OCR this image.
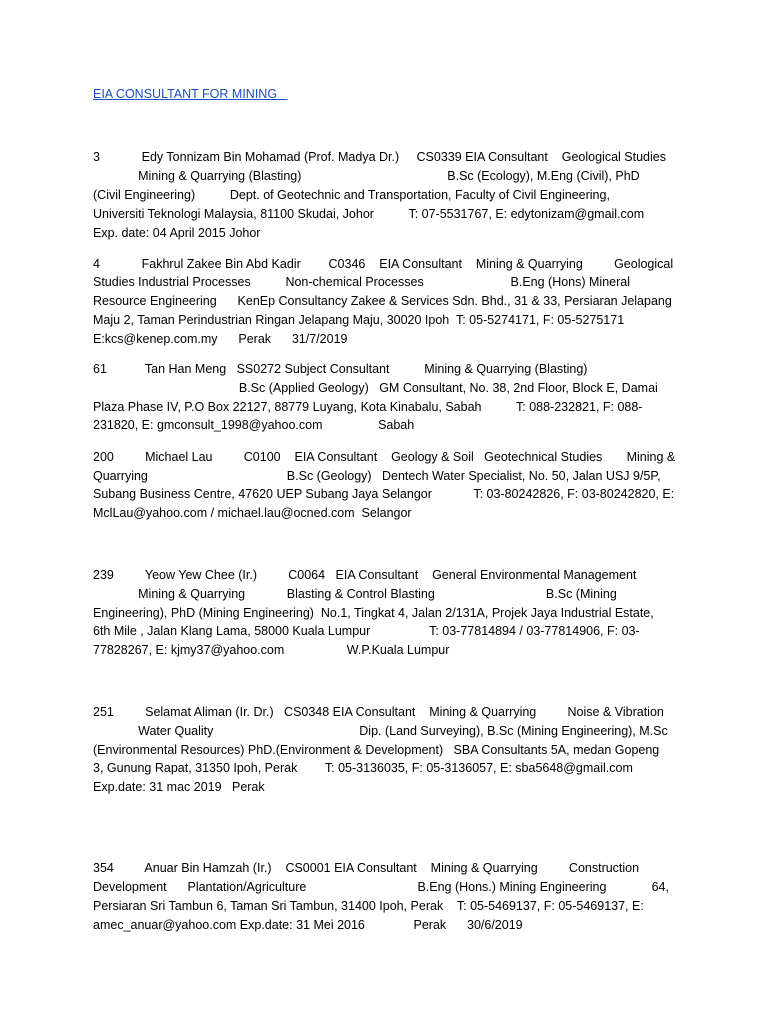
EIA CONSULTANT FOR MINING
3            Edy Tonnizam Bin Mohamad (Prof. Madya Dr.)     CS0339 EIA Consultant    Geological Studies
Mining & Quarrying (Blasting)                                          B.Sc (Ecology), M.Eng (Civil), PhD
(Civil Engineering)          Dept. of Geotechnic and Transportation, Faculty of Civil Engineering,
Universiti Teknologi Malaysia, 81100 Skudai, Johor          T: 07-5531767, E: edytonizam@gmail.com
Exp. date: 04 April 2015 Johor
4            Fakhrul Zakee Bin Abd Kadir        C0346    EIA Consultant    Mining & Quarrying         Geological
Studies Industrial Processes          Non-chemical Processes                         B.Eng (Hons) Mineral
Resource Engineering      KenEp Consultancy Zakee & Services Sdn. Bhd., 31 & 33, Persiaran Jelapang
Maju 2, Taman Perindustrian Ringan Jelapang Maju, 30020 Ipoh  T: 05-5274171, F: 05-5275171
E:kcs@kenep.com.my      Perak      31/7/2019
61           Tan Han Meng   SS0272 Subject Consultant          Mining & Quarrying (Blasting)
B.Sc (Applied Geology)   GM Consultant, No. 38, 2nd Floor, Block E, Damai
Plaza Phase IV, P.O Box 22127, 88779 Luyang, Kota Kinabalu, Sabah          T: 088-232821, F: 088-
231820, E: gmconsult_1998@yahoo.com                Sabah
200         Michael Lau         C0100    EIA Consultant    Geology & Soil   Geotechnical Studies       Mining &
Quarrying                                        B.Sc (Geology)   Dentech Water Specialist, No. 50, Jalan USJ 9/5P,
Subang Business Centre, 47620 UEP Subang Jaya Selangor            T: 03-80242826, F: 03-80242820, E:
MclLau@yahoo.com / michael.lau@ocned.com  Selangor
239         Yeow Yew Chee (Ir.)         C0064   EIA Consultant    General Environmental Management
Mining & Quarrying            Blasting & Control Blasting                                B.Sc (Mining
Engineering), PhD (Mining Engineering)  No.1, Tingkat 4, Jalan 2/131A, Projek Jaya Industrial Estate,
6th Mile , Jalan Klang Lama, 58000 Kuala Lumpur                 T: 03-77814894 / 03-77814906, F: 03-
77828267, E: kjmy37@yahoo.com                  W.P.Kuala Lumpur
251         Selamat Aliman (Ir. Dr.)   CS0348 EIA Consultant    Mining & Quarrying         Noise & Vibration
Water Quality                                          Dip. (Land Surveying), B.Sc (Mining Engineering), M.Sc
(Environmental Resources) PhD.(Environment & Development)   SBA Consultants 5A, medan Gopeng
3, Gunung Rapat, 31350 Ipoh, Perak        T: 05-3136035, F: 05-3136057, E: sba5648@gmail.com
Exp.date: 31 mac 2019   Perak
354         Anuar Bin Hamzah (Ir.)    CS0001 EIA Consultant    Mining & Quarrying         Construction
Development      Plantation/Agriculture                                B.Eng (Hons.) Mining Engineering             64,
Persiaran Sri Tambun 6, Taman Sri Tambun, 31400 Ipoh, Perak    T: 05-5469137, F: 05-5469137, E:
amec_anuar@yahoo.com Exp.date: 31 Mei 2016              Perak      30/6/2019
